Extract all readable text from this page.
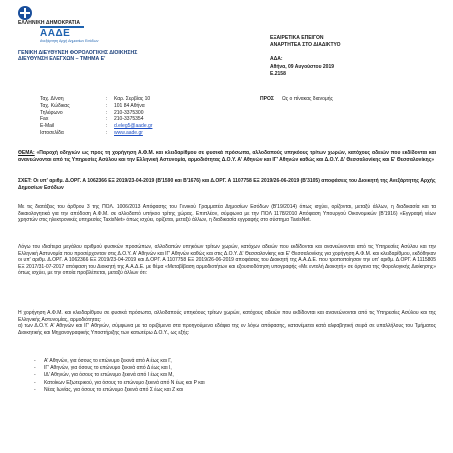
ΕΛΛΗΝΙΚΗ ΔΗΜΟΚΡΑΤΙΑ
ΑΑΔΕ
Ανεξάρτητη Αρχή Δημοσίων Εσόδων
ΓΕΝΙΚΗ ΔΙΕΥΘΥΝΣΗ ΦΟΡΟΛΟΓΙΚΗΣ ΔΙΟΙΚΗΣΗΣ
ΔΙΕΥΘΥΝΣΗ ΕΛΕΓΧΩΝ – ΤΜΗΜΑ Ε'
ΕΞΑΙΡΕΤΙΚΑ ΕΠΕΙΓΟΝ
ΑΝΑΡΤΗΤΕΑ ΣΤΟ ΔΙΑΔΙΚΤΥΟ
ΑΔΑ:
Αθήνα, 09 Αυγούστου 2019
Ε.2158
Ταχ. Δ/νση	:	Καρ. Σερβίας 10
Ταχ. Κώδικας	:	101 84 Αθήνα
Τηλέφωνο	:	210-3375300
Fax	:	210-3375354
E-Mail	:	d.eleg5@aade.gr
Ιστοσελίδα	:	www.aade.gr
ΠΡΟΣ	Ως ο πίνακας διανομής
ΘΕΜΑ: «Παροχή οδηγιών ως προς τη χορήγηση Α.Φ.Μ. και κλειδαρίθμου σε φυσικά πρόσωπα, αλλοδαπούς υπηκόους τρίτων χωρών, κατόχους αδειών που εκδίδονται και ανανεώνονται από τις Υπηρεσίες Ασύλου και την Ελληνική Αστυνομία, αρμοδιότητας Δ.Ο.Υ. Α' Αθηνών και ΙΓ' Αθηνών καθώς και Δ.Ο.Υ. Δ' Θεσσαλονίκης και Ε' Θεσσαλονίκης»
ΣΧΕΤ: Οι υπ' αριθμ. Δ.ΟΡΓ. Α 1062366 ΕΞ 2019/23-04-2019 (Β'1590 και Β'1676) και Δ.ΟΡΓ. Α 1107758 ΕΞ 2019/26-06-2019 (Β'3105) αποφάσεις του Διοικητή της Ανεξάρτητης Αρχής Δημοσίων Εσόδων
Με τις διατάξεις του άρθρου 3 της ΠΟΛ. 1006/2013 Απόφασης του Γενικού Γραμματέα Δημοσίων Εσόδων (Β'19/2014) όπως ισχύει, ορίζονται, μεταξύ άλλων, η διαδικασία και τα δικαιολογητικά για την απόδοση Α.Φ.Μ. σε αλλοδαπό υπήκοο τρίτης χώρας. Επιπλέον, σύμφωνα με την ΠΟΛ 1178/2010 Απόφαση Υπουργού Οικονομικών (Β'1916) «Εγγραφή νέων χρηστών στις ηλεκτρονικές υπηρεσίες TaxisNet» όπως ισχύει, ορίζεται, μεταξύ άλλων, η διαδικασία εγγραφής στο σύστημα TaxisNet.
Λόγω του ιδιαίτερα μεγάλου αριθμού φυσικών προσώπων, αλλοδαπών υπηκόων τρίτων χωρών, κατόχων αδειών που εκδίδονται και ανανεώνονται από τις Υπηρεσίες Ασύλου και την Ελληνική Αστυνομία που προσέρχονταν στις Δ.Ο.Υ. Α' Αθηνών και ΙΓ' Αθηνών καθώς και στις Δ.Ο.Υ. Δ' Θεσσαλονίκης και Ε' Θεσσαλονίκης για χορήγηση Α.Φ.Μ. και κλειδαρίθμου, εκδόθηκαν οι υπ' αριθμ. Δ.ΟΡΓ. Α 1062366 ΕΞ 2019/23-04-2019 και Δ.ΟΡΓ. Α 1107758 ΕΞ 2019/26-06-2019 αποφάσεις του Διοικητή της Α.Α.Δ.Ε. που τροποποίησαν την υπ' αριθμ. Δ.ΟΡΓ. Α 1115805 ΕΞ 2017/31-07-2017 απόφαση του Διοικητή της Α.Α.Δ.Ε. με θέμα «Μεταβίβαση αρμοδιοτήτων και εξουσιοδότηση υπογραφής «Με εντολή Διοικητή» σε όργανα της Φορολογικής Διοίκησης» όπως ισχύει, με την οποία προβλέπεται, μεταξύ άλλων ότι:
Η χορήγηση Α.Φ.Μ. και κλειδαρίθμου σε φυσικά πρόσωπα, αλλοδαπούς υπηκόους τρίτων χωρών, κατόχους αδειών που εκδίδονται και ανανεώνονται από τις Υπηρεσίες Ασύλου και της Ελληνικής Αστυνομίας, αρμοδιότητας:
α) των Δ.Ο.Υ. Α' Αθηνών και ΙΓ' Αθηνών, σύμφωνα με τα οριζόμενα στα προηγούμενα εδάφια της εν λόγω απόφασης, κατανέμεται κατά αλφαβητική σειρά σε υπαλλήλους του Τμήματος Διοικητικής και Μηχανογραφικής Υποστήριξης των κατωτέρω Δ.Ο.Υ., ως εξής:
-	Α' Αθηνών, για όσους το επώνυμο ξεκινά από Α έως και Γ,
-	ΙΓ' Αθηνών, για όσους το επώνυμο ξεκινά από Δ έως και Ι,
-	ΙΔ' Αθηνών, για όσους το επώνυμο ξεκινά από Ι έως και Μ,
-	Κατοίκων Εξωτερικού, για όσους το επώνυμο ξεκινά από Ν έως και Ρ και
-	Νέας Ιωνίας, για όσους το επώνυμο ξεκινά από Σ έως και Ζ και
